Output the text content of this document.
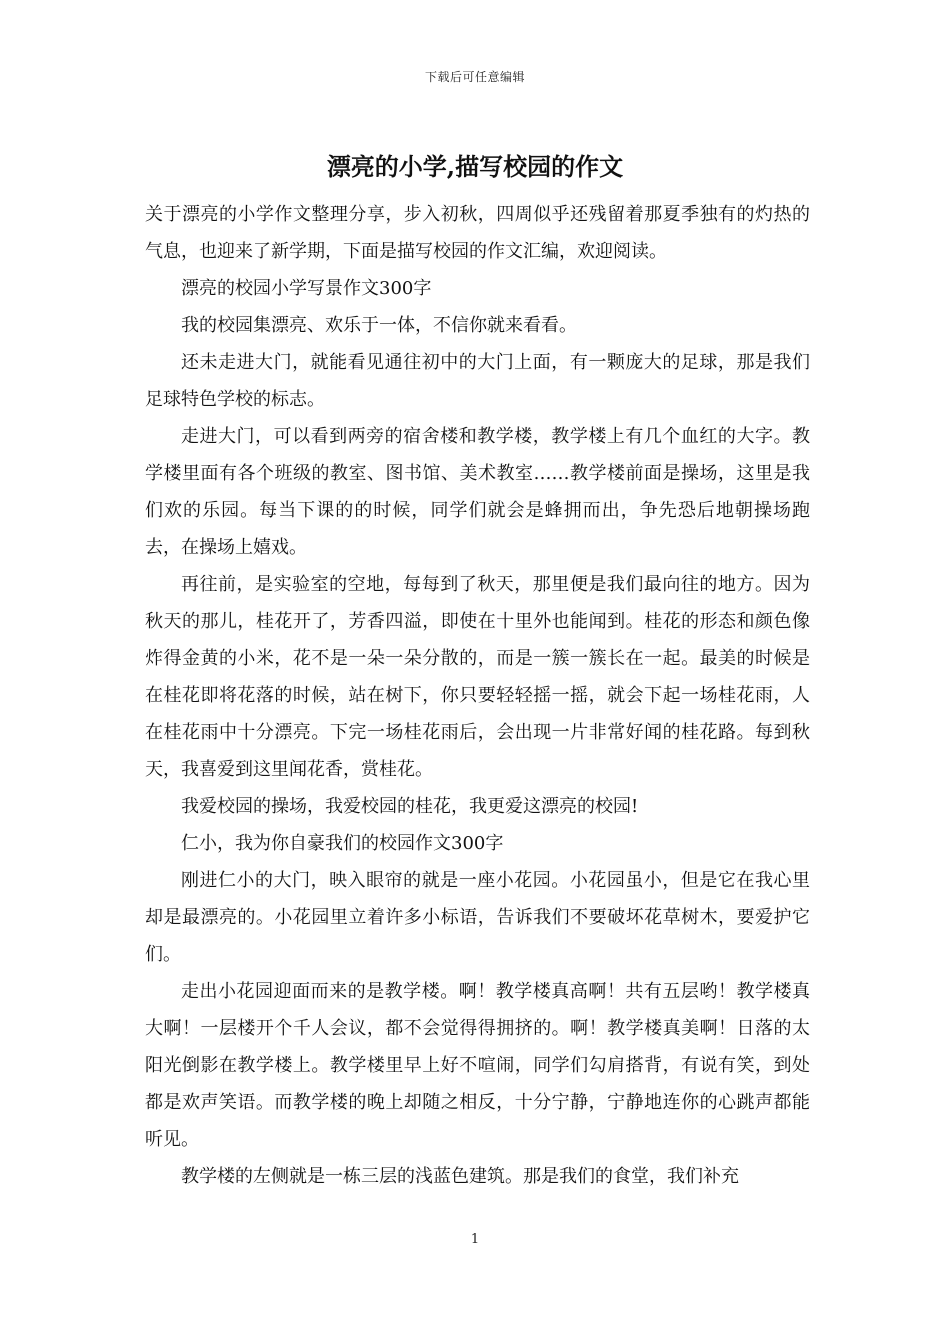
下载后可任意编辑
漂亮的小学,描写校园的作文

关于漂亮的小学作文整理分享，步入初秋，四周似乎还残留着那夏季独有的灼热的气息，也迎来了新学期，下面是描写校园的作文汇编，欢迎阅读。

漂亮的校园小学写景作文300字

我的校园集漂亮、欢乐于一体，不信你就来看看。

还未走进大门，就能看见通往初中的大门上面，有一颗庞大的足球，那是我们足球特色学校的标志。

走进大门，可以看到两旁的宿舍楼和教学楼，教学楼上有几个血红的大字。教学楼里面有各个班级的教室、图书馆、美术教室……教学楼前面是操场，这里是我们欢的乐园。每当下课的的时候，同学们就会是蜂拥而出，争先恐后地朝操场跑去，在操场上嬉戏。

再往前，是实验室的空地，每每到了秋天，那里便是我们最向往的地方。因为秋天的那儿，桂花开了，芳香四溢，即使在十里外也能闻到。桂花的形态和颜色像炸得金黄的小米，花不是一朵一朵分散的，而是一簇一簇长在一起。最美的时候是在桂花即将花落的时候，站在树下，你只要轻轻摇一摇，就会下起一场桂花雨，人在桂花雨中十分漂亮。下完一场桂花雨后，会出现一片非常好闻的桂花路。每到秋天，我喜爱到这里闻花香，赏桂花。

我爱校园的操场，我爱校园的桂花，我更爱这漂亮的校园!

仁小，我为你自豪我们的校园作文300字

刚进仁小的大门，映入眼帘的就是一座小花园。小花园虽小，但是它在我心里却是最漂亮的。小花园里立着许多小标语，告诉我们不要破坏花草树木，要爱护它们。

走出小花园迎面而来的是教学楼。啊！教学楼真高啊！共有五层哟！教学楼真大啊！一层楼开个千人会议，都不会觉得得拥挤的。啊！教学楼真美啊！日落的太阳光倒影在教学楼上。教学楼里早上好不喧闹，同学们勾肩搭背，有说有笑，到处都是欢声笑语。而教学楼的晚上却随之相反，十分宁静，宁静地连你的心跳声都能听见。

教学楼的左侧就是一栋三层的浅蓝色建筑。那是我们的食堂，我们补充

1
